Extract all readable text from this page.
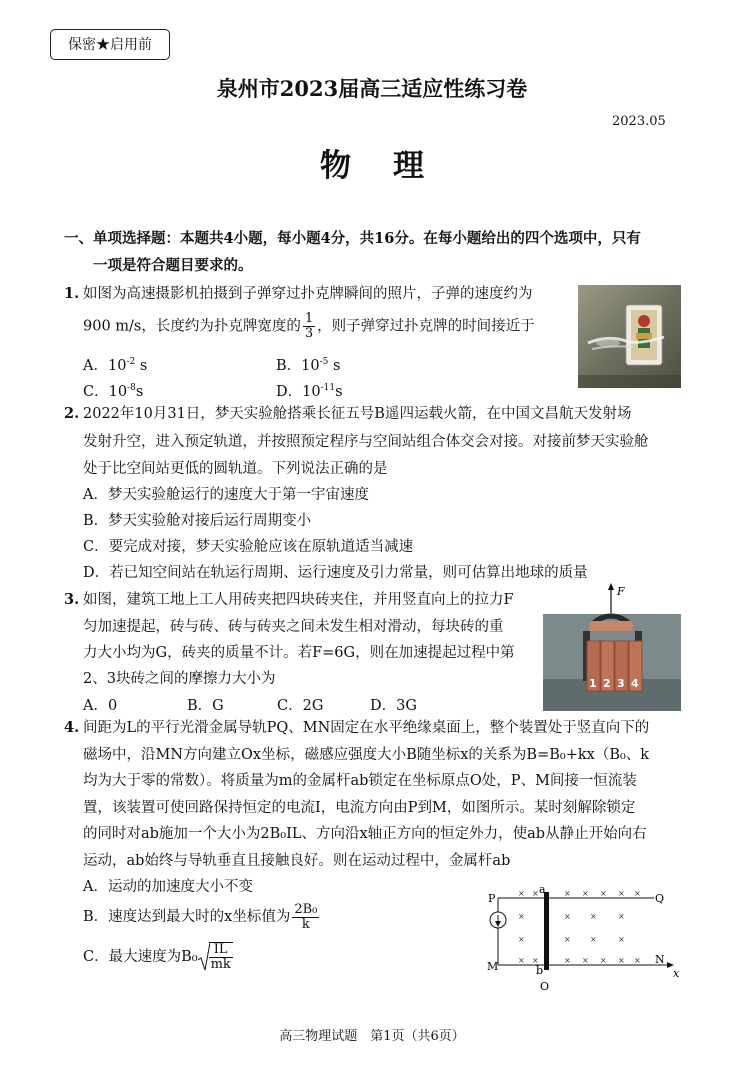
保密★启用前
泉州市2023届高三适应性练习卷
2023.05
物理
一、单项选择题：本题共4小题，每小题4分，共16分。在每小题给出的四个选项中，只有
一项是符合题目要求的。
1. 如图为高速摄影机拍摄到子弹穿过扑克牌瞬间的照片，子弹的速度约为
900 m/s，长度约为扑克牌宽度的 $\frac{1}{3}$ ，则子弹穿过扑克牌的时间接近于
A．$10^{-2}$ s	B．$10^{-5}$ s
C．$10^{-8}s$	D．$10^{-11}s$
2. 2022年10月31日，梦天实验舱搭乘长征五号B遥四运载火箭，在中国文昌航天发射场
发射升空，进入预定轨道，并按照预定程序与空间站组合体交会对接。对接前梦天实验舱
处于比空间站更低的圆轨道。下列说法正确的是
A．梦天实验舱运行的速度大于第一宇宙速度
B．梦天实验舱对接后运行周期变小
C．要完成对接，梦天实验舱应该在原轨道适当减速
D．若已知空间站在轨运行周期、运行速度及引力常量，则可估算出地球的质量
3. 如图，建筑工地上工人用砖夹把四块砖夹住，并用竖直向上的拉力F
匀加速提起，砖与砖、砖与砖夹之间未发生相对滑动，每块砖的重
力大小均为G，砖夹的质量不计。若F=6G，则在加速提起过程中第
2、3块砖之间的摩擦力大小为
A．0	B．G	C．2G	D．3G
F
1 2 3 4
4. 间距为L的平行光滑金属导轨PQ、MN固定在水平绝缘桌面上，整个装置处于竖直向下的
磁场中，沿MN方向建立Ox坐标，磁感应强度大小B随坐标x的关系为B=B₀+kx（B₀、k
均为大于零的常数）。将质量为m的金属杆ab锁定在坐标原点O处，P、M间接一恒流装
置，该装置可使回路保持恒定的电流I，电流方向由P到M，如图所示。某时刻解除锁定
的同时对ab施加一个大小为2B₀IL、方向沿x轴正方向的恒定外力，使ab从静止开始向右
运动，ab始终与导轨垂直且接触良好。则在运动过程中，金属杆ab
A．运动的加速度大小不变
B．速度达到最大时的x坐标值为 $\frac{\text{2B₀}}{k}$
C．最大速度为$B_0 \frac{IL}{mk}$
P	Q
M
N
a
b
O
x
× ×	× × × × ×
×	× ×	×
×	× ×	×
× ×	× × × × ×
高三物理试题　第1页（共6页）
